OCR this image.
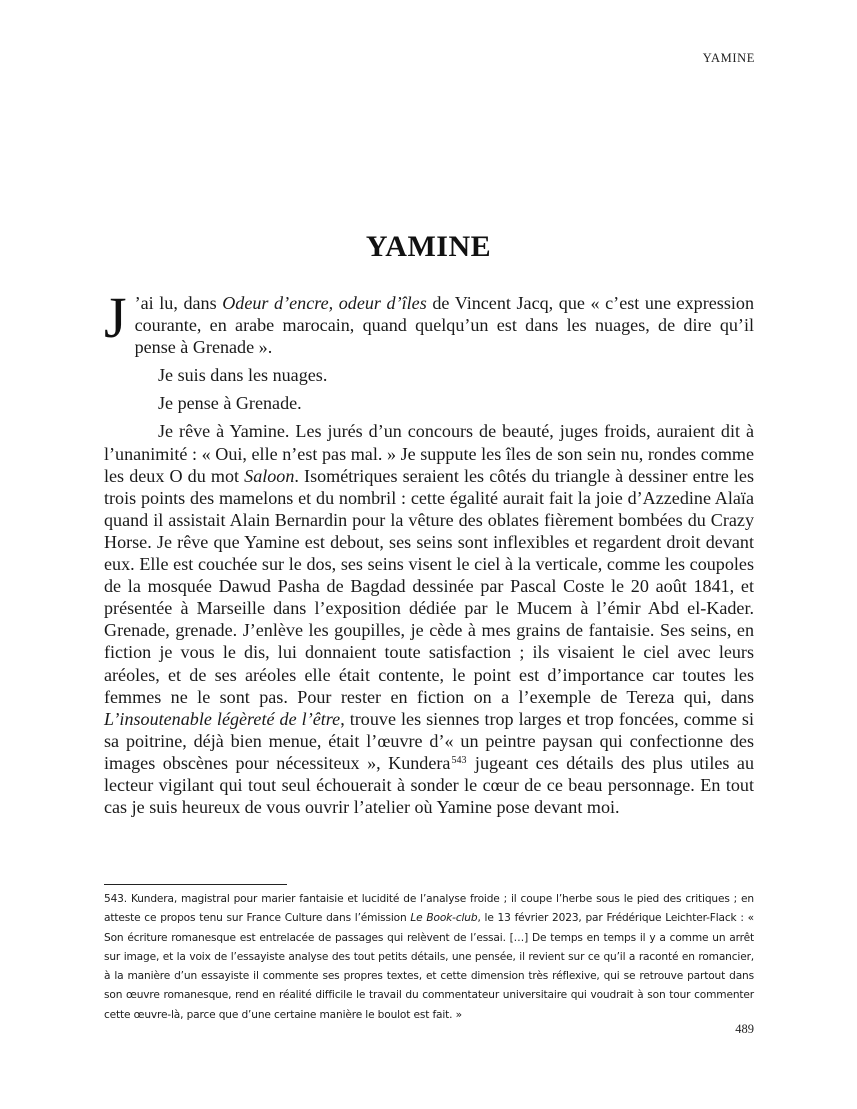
YAMINE
YAMINE

J ’ai lu, dans Odeur d’encre, odeur d’îles de Vincent Jacq, que « c’est une expression courante, en arabe marocain, quand quelqu’un est dans les nuages, de dire qu’il pense à Grenade ».

Je suis dans les nuages.

Je pense à Grenade.

Je rêve à Yamine. Les jurés d’un concours de beauté, juges froids, auraient dit à l’unanimité : « Oui, elle n’est pas mal. » Je suppute les îles de son sein nu, rondes comme les deux O du mot Saloon. Isométriques seraient les côtés du triangle à dessiner entre les trois points des mamelons et du nombril : cette égalité aurait fait la joie d’Azzedine Alaïa quand il assistait Alain Bernardin pour la vêture des oblates fièrement bombées du Crazy Horse. Je rêve que Yamine est debout, ses seins sont inflexibles et regardent droit devant eux. Elle est couchée sur le dos, ses seins visent le ciel à la verticale, comme les coupoles de la mosquée Dawud Pasha de Bagdad dessinée par Pascal Coste le 20 août 1841, et présentée à Marseille dans l’exposition dédiée par le Mucem à l’émir Abd el-Kader. Grenade, grenade. J’enlève les goupilles, je cède à mes grains de fantaisie. Ses seins, en fiction je vous le dis, lui donnaient toute satisfaction ; ils visaient le ciel avec leurs aréoles, et de ses aréoles elle était contente, le point est d’importance car toutes les femmes ne le sont pas. Pour rester en fiction on a l’exemple de Tereza qui, dans L’insoutenable légèreté de l’être, trouve les siennes trop larges et trop foncées, comme si sa poitrine, déjà bien menue, était l’œuvre d’« un peintre paysan qui confectionne des images obscènes pour nécessiteux », Kundera$^{543}$ jugeant ces détails des plus utiles au lecteur vigilant qui tout seul échouerait à sonder le cœur de ce beau personnage. En tout cas je suis heureux de vous ouvrir l’atelier où Yamine pose devant moi.

543. Kundera, magistral pour marier fantaisie et lucidité de l’analyse froide ; il coupe l’herbe sous le pied des critiques ; en atteste ce propos tenu sur France Culture dans l’émission Le Book-club, le 13 février 2023, par Frédérique Leichter-Flack : « Son écriture romanesque est entrelacée de passages qui relèvent de l’essai. […] De temps en temps il y a comme un arrêt sur image, et la voix de l’essayiste analyse des tout petits détails, une pensée, il revient sur ce qu’il a raconté en romancier, à la manière d’un essayiste il commente ses propres textes, et cette dimension très réflexive, qui se retrouve partout dans son œuvre romanesque, rend en réalité difficile le travail du commentateur universitaire qui voudrait à son tour commenter cette œuvre-là, parce que d’une certaine manière le boulot est fait. »

489
